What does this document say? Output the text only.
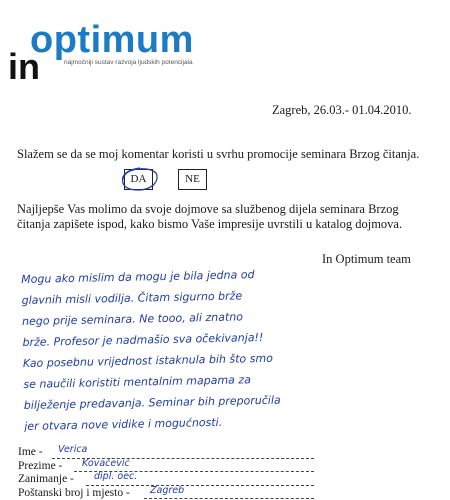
optimum
in	najmočniji sustav razvoja ljudskih potencijala
Zagreb, 26.03.- 01.04.2010.
Slažem se da se moj komentar koristi u svrhu promocije seminara Brzog čitanja.
DA	NE
Najljepše Vas molimo da svoje dojmove sa službenog dijela seminara Brzog čitanja zapišete ispod, kako bismo Vaše impresije uvrstili u katalog dojmova.
In Optimum team
Mogu ako mislim da mogu je bila jedna od
glavnih misli vodilja. Čitam sigurno brže
nego prije seminara. Ne tooo, ali znatno
brže. Profesor je nadmašio sva očekivanja!!
Kao posebnu vrijednost istaknula bih što smo
se naučili koristiti mentalnim mapama za
bilježenje predavanja. Seminar bih preporučila
jer otvara nove vidike i mogućnosti.
Ime - Verica
Prezime - Kovačević
Zanimanje - dipl. oec.
Poštanski broj i mjesto - Zagreb
